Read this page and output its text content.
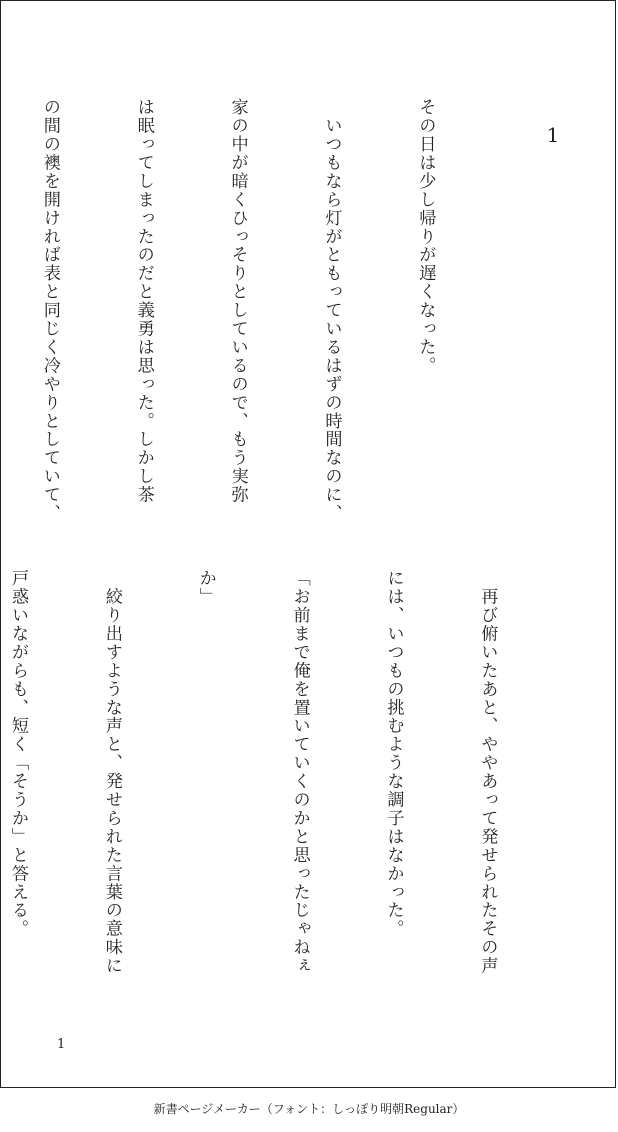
1

その日は少し帰りが遅くなった。

　いつもなら灯がともっているはずの時間なのに、

家の中が暗くひっそりとしているので、もう実弥

は眠ってしまったのだと義勇は思った。しかし茶

の間の襖を開ければ表と同じく冷やりとしていて、

　再び俯いたあと、ややあって発せられたその声

には、いつもの挑むような調子はなかった。

「お前まで俺を置いていくのかと思ったじゃねぇ

か」

　絞り出すような声と、発せられた言葉の意味に

戸惑いながらも、短く「そうか」と答える。

1
新書ページメーカー（フォント：しっぽり明朝Regular）
